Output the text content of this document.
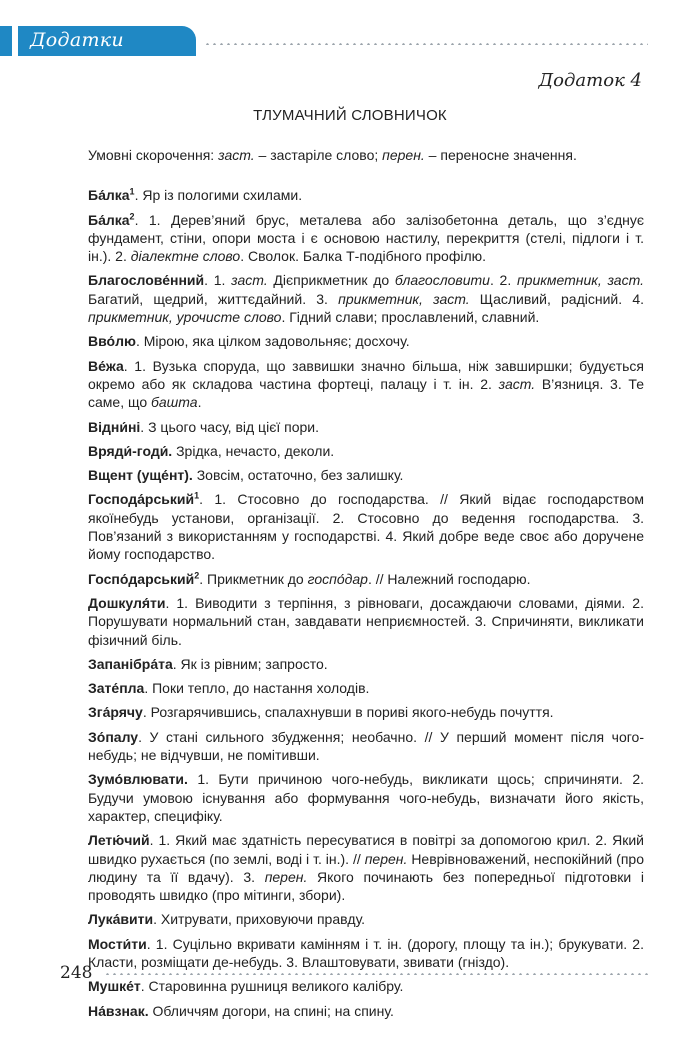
Додатки
Додаток 4
ТЛУМАЧНИЙ СЛОВНИЧОК

Умовні скорочення: заст. – застаріле слово; перен. – переносне значення.

Ба́лка$^1$. Яр із пологими схилами.

Ба́лка$^2$. 1. Дерев’яний брус, металева або залізобетонна деталь, що з’єднує фундамент, стіни, опори моста і є основою настилу, перекриття (стелі, підлоги і т. ін.). 2. діалектне слово. Сволок. Балка Т-подібного профілю.

Благослове́нний. 1. заст. Дієприкметник до благословити. 2. прикметник, заст. Багатий, щедрий, життєдайний. 3. прикметник, заст. Щасливий, радісний. 4. прикметник, урочисте слово. Гідний слави; прославлений, славний.

Вво́лю. Мірою, яка цілком задовольняє; досхочу.

Ве́жа. 1. Вузька споруда, що заввишки значно більша, ніж завширшки; будується окремо або як складова частина фортеці, палацу і т. ін. 2. заст. В’язниця. 3. Те саме, що башта.

Відни́ні. З цього часу, від цієї пори.

Вряди́-годи́. Зрідка, нечасто, деколи.

Вщент (уще́нт). Зовсім, остаточно, без залишку.

Господа́рський$^1$. 1. Стосовно до господарства. // Який відає господарством якоїнебудь установи, організації. 2. Стосовно до ведення господарства. 3. Пов’язаний з використанням у господарстві. 4. Який добре веде своє або доручене йому господарство.

Госпо́дарський$^2$. Прикметник до госпо́дар. // Належний господарю.

Дошкуля́ти. 1. Виводити з терпіння, з рівноваги, досаждаючи словами, діями. 2. Порушувати нормальний стан, завдавати неприємностей. 3. Спричиняти, викликати фізичний біль.

Запанібра́та. Як із рівним; запросто.

Зате́пла. Поки тепло, до настання холодів.

Зга́рячу. Розгарячившись, спалахнувши в пориві якого-небудь почуття.

Зо́палу. У стані сильного збудження; необачно. // У перший момент після чого-небудь; не відчувши, не помітивши.

Зумо́влювати. 1. Бути причиною чого-небудь, викликати щось; спричиняти. 2. Будучи умовою існування або формування чого-небудь, визначати його якість, характер, специфіку.

Летю́чий. 1. Який має здатність пересуватися в повітрі за допомогою крил. 2. Який швидко рухається (по землі, воді і т. ін.). // перен. Неврівноважений, неспокійний (про людину та її вдачу). 3. перен. Якого починають без попередньої підготовки і проводять швидко (про мітинги, збори).

Лука́вити. Хитрувати, приховуючи правду.

Мости́ти. 1. Суцільно вкривати камінням і т. ін. (дорогу, площу та ін.); брукувати. 2. Класти, розміщати де-небудь. 3. Влаштовувати, звивати (гніздо).

Мушке́т. Старовинна рушниця великого калібру.

На́взнак. Обличчям догори, на спині; на спину.

248
